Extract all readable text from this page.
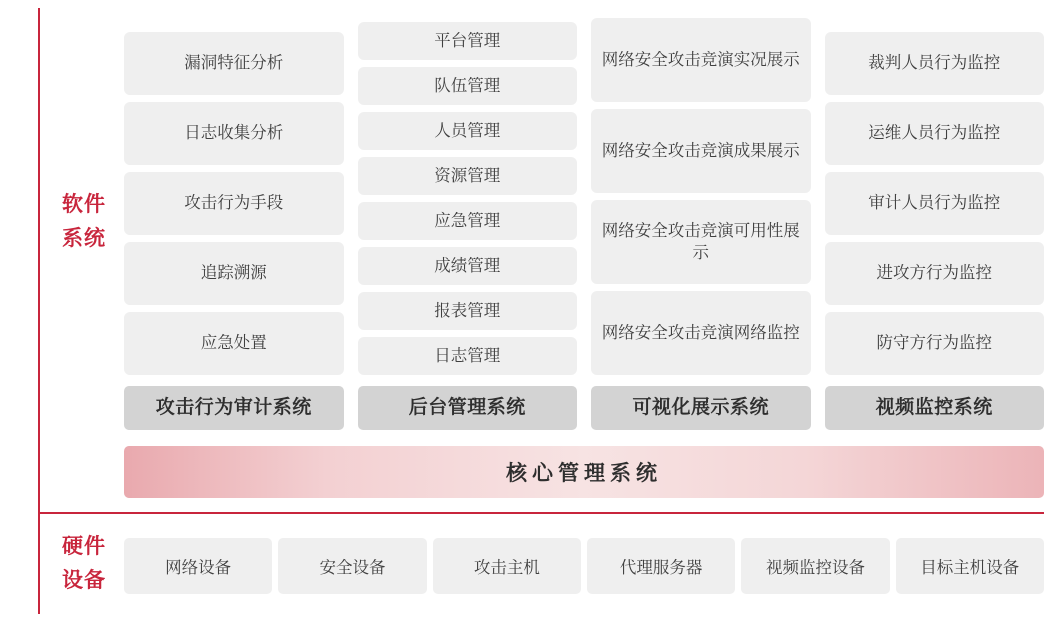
软件
系统
硬件
设备
漏洞特征分析
日志收集分析
攻击行为手段
追踪溯源
应急处置
攻击行为审计系统
平台管理
队伍管理
人员管理
资源管理
应急管理
成绩管理
报表管理
日志管理
后台管理系统
网络安全攻击竞演实况展示
网络安全攻击竞演成果展示
网络安全攻击竞演可用性展示
网络安全攻击竞演网络监控
可视化展示系统
裁判人员行为监控
运维人员行为监控
审计人员行为监控
进攻方行为监控
防守方行为监控
视频监控系统
核心管理系统
网络设备	安全设备	攻击主机	代理服务器	视频监控设备	目标主机设备
